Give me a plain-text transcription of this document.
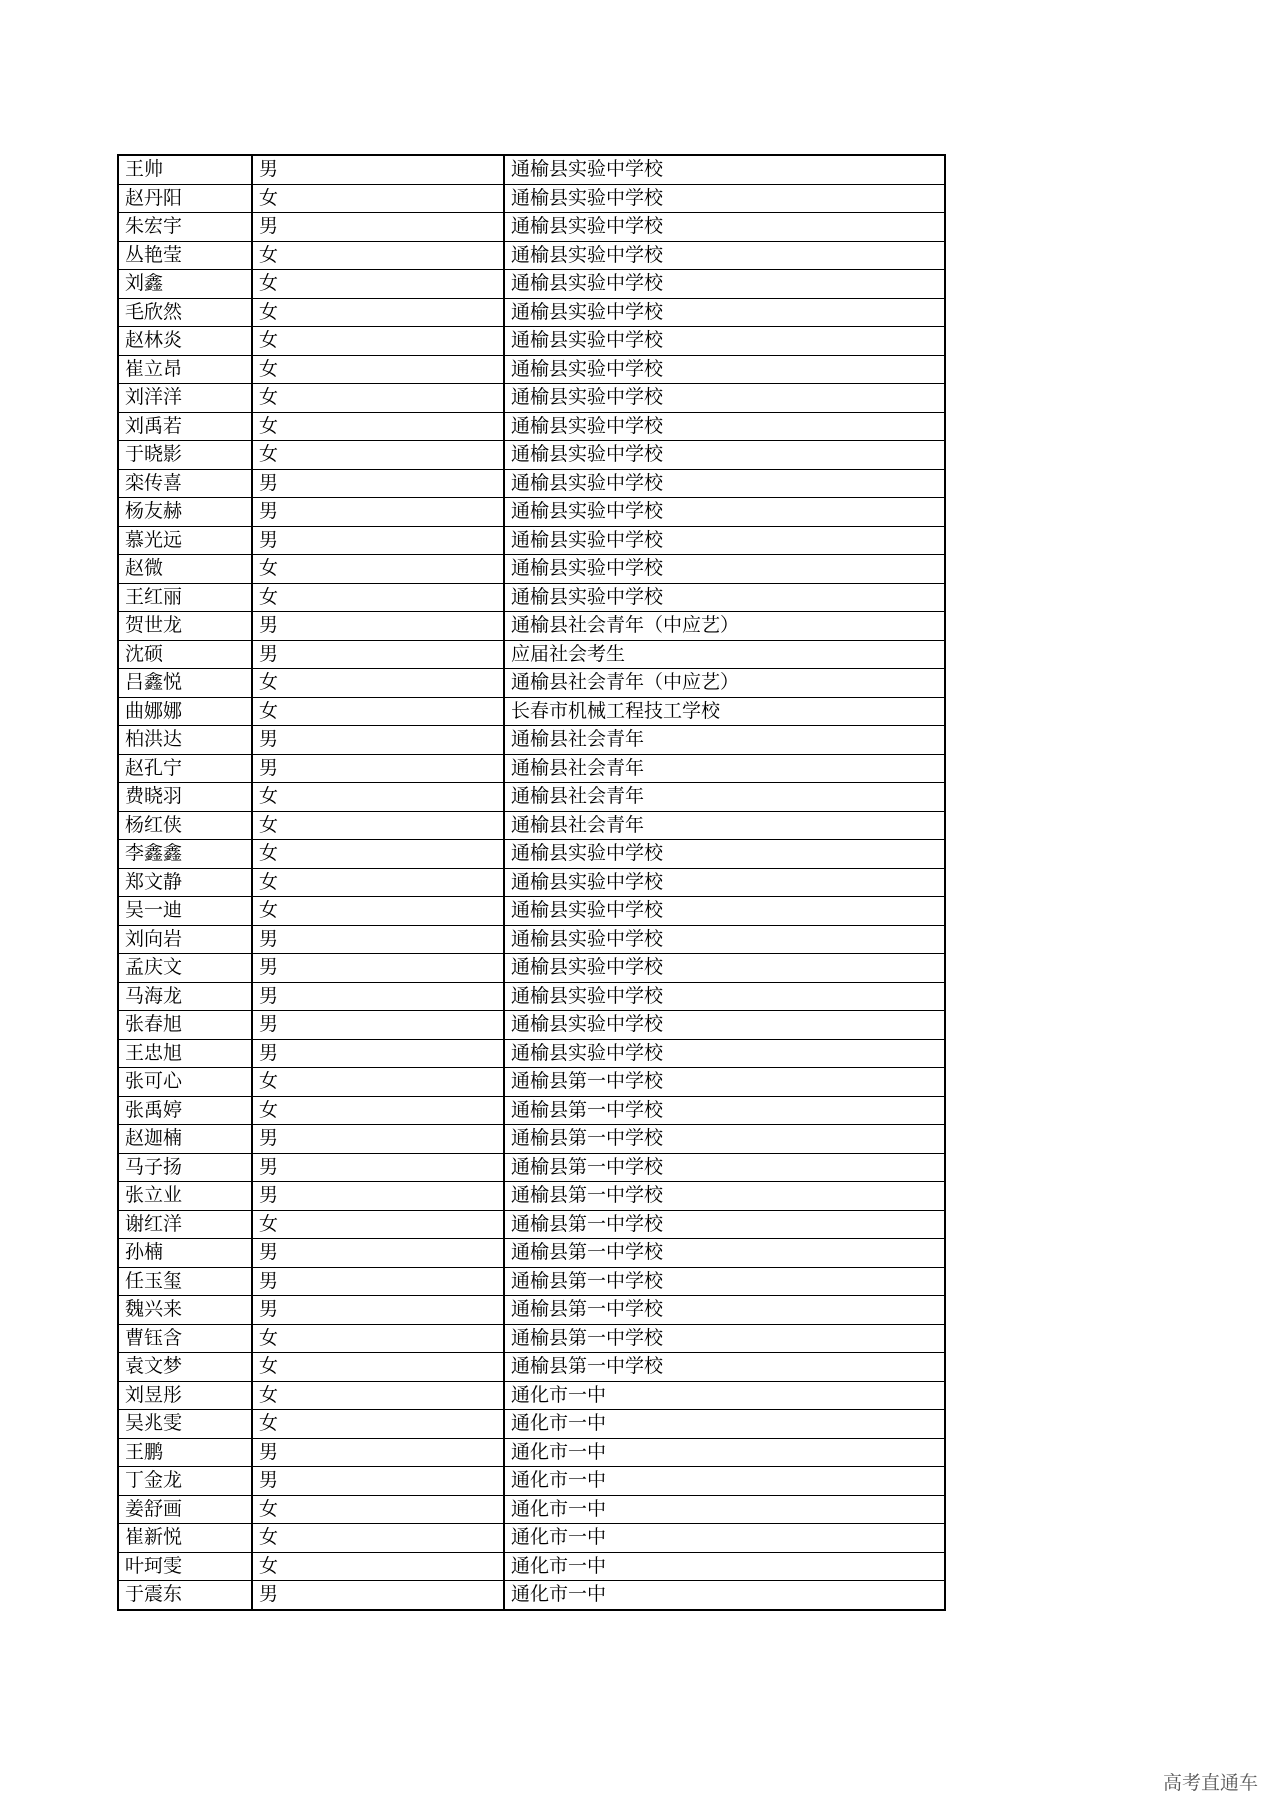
王帅	男	通榆县实验中学校
赵丹阳	女	通榆县实验中学校
朱宏宇	男	通榆县实验中学校
丛艳莹	女	通榆县实验中学校
刘鑫	女	通榆县实验中学校
毛欣然	女	通榆县实验中学校
赵林炎	女	通榆县实验中学校
崔立昂	女	通榆县实验中学校
刘洋洋	女	通榆县实验中学校
刘禹若	女	通榆县实验中学校
于晓影	女	通榆县实验中学校
栾传喜	男	通榆县实验中学校
杨友赫	男	通榆县实验中学校
慕光远	男	通榆县实验中学校
赵微	女	通榆县实验中学校
王红丽	女	通榆县实验中学校
贺世龙	男	通榆县社会青年（中应艺）
沈硕	男	应届社会考生
吕鑫悦	女	通榆县社会青年（中应艺）
曲娜娜	女	长春市机械工程技工学校
柏洪达	男	通榆县社会青年
赵孔宁	男	通榆县社会青年
费晓羽	女	通榆县社会青年
杨红侠	女	通榆县社会青年
李鑫鑫	女	通榆县实验中学校
郑文静	女	通榆县实验中学校
吴一迪	女	通榆县实验中学校
刘向岩	男	通榆县实验中学校
孟庆文	男	通榆县实验中学校
马海龙	男	通榆县实验中学校
张春旭	男	通榆县实验中学校
王忠旭	男	通榆县实验中学校
张可心	女	通榆县第一中学校
张禹婷	女	通榆县第一中学校
赵迦楠	男	通榆县第一中学校
马子扬	男	通榆县第一中学校
张立业	男	通榆县第一中学校
谢红洋	女	通榆县第一中学校
孙楠	男	通榆县第一中学校
任玉玺	男	通榆县第一中学校
魏兴来	男	通榆县第一中学校
曹钰含	女	通榆县第一中学校
袁文梦	女	通榆县第一中学校
刘昱彤	女	通化市一中
吴兆雯	女	通化市一中
王鹏	男	通化市一中
丁金龙	男	通化市一中
姜舒画	女	通化市一中
崔新悦	女	通化市一中
叶珂雯	女	通化市一中
于震东	男	通化市一中
高考直通车
